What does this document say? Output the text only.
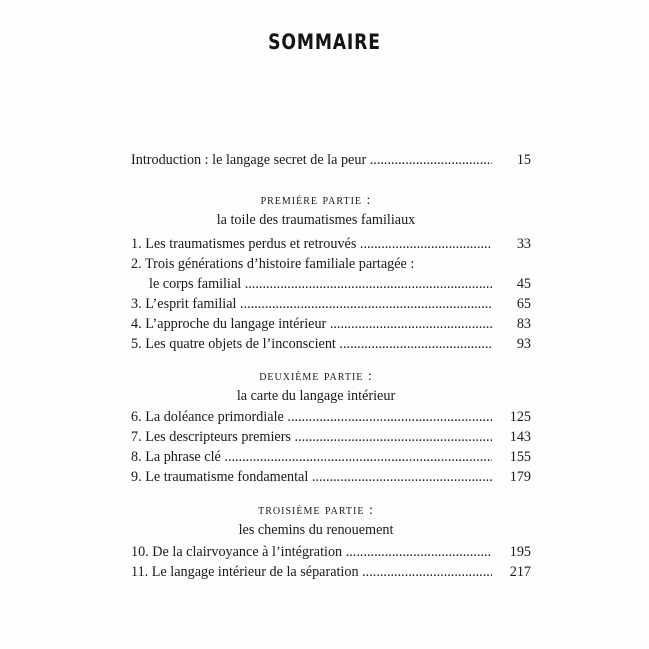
SOMMAIRE
Introduction : le langage secret de la peur .....	15
première partie :
la toile des traumatismes familiaux
1. Les traumatismes perdus et retrouvés .....	33
2. Trois générations d’histoire familiale partagée :
le corps familial .....	45
3. L’esprit familial .....	65
4. L’approche du langage intérieur .....	83
5. Les quatre objets de l’inconscient .....	93
deuxième partie :
la carte du langage intérieur
6. La doléance primordiale .....	125
7. Les descripteurs premiers .....	143
8. La phrase clé .....	155
9. Le traumatisme fondamental .....	179
troisième partie :
les chemins du renouement
10. De la clairvoyance à l’intégration .....	195
11. Le langage intérieur de la séparation .....	217
